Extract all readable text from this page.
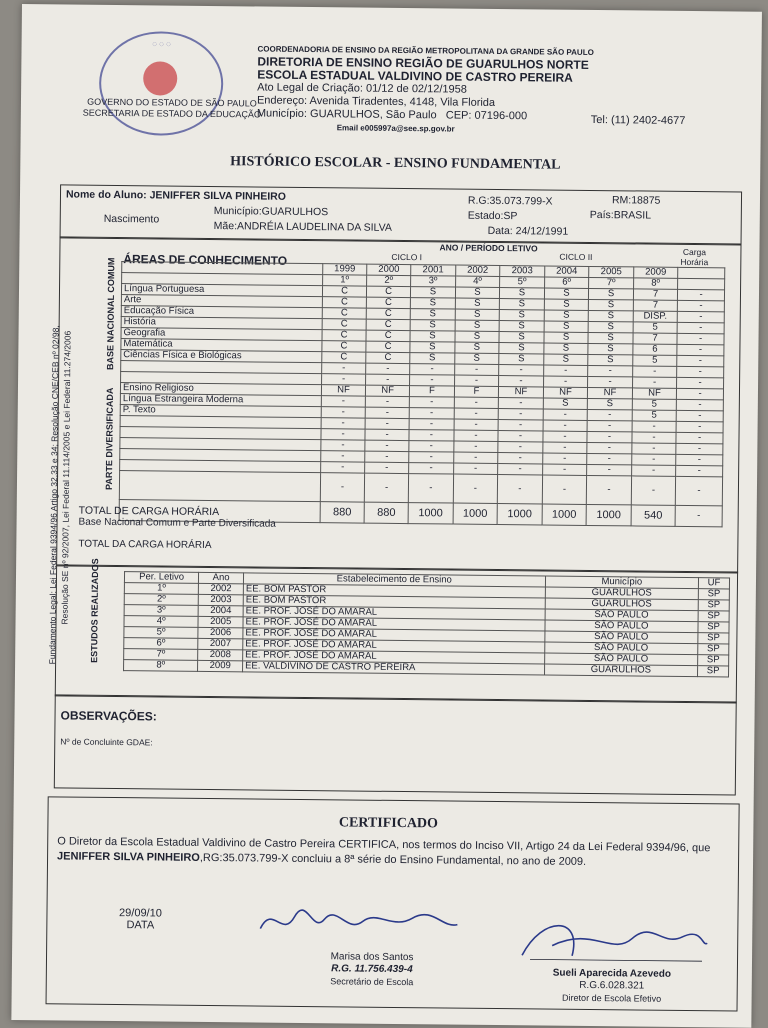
◌ ◌ ◌
GOVERNO DO ESTADO DE SÃO PAULO
SECRETARIA DE ESTADO DA EDUCAÇÃO
COORDENADORIA DE ENSINO DA REGIÃO METROPOLITANA DA GRANDE SÃO PAULO
DIRETORIA DE ENSINO REGIÃO DE GUARULHOS NORTE
ESCOLA ESTADUAL VALDIVINO DE CASTRO PEREIRA
Ato Legal de Criação: 01/12 de 02/12/1958
Endereço: Avenida Tiradentes, 4148, Vila Florida
Município: GUARULHOS, São Paulo CEP: 07196-000
Email e005997a@see.sp.gov.br
Tel: (11) 2402-4677
HISTÓRICO ESCOLAR - ENSINO FUNDAMENTAL
Nome do Aluno: JENIFFER SILVA PINHEIRO	R.G:35.073.799-X	RM:18875
Nascimento
Município:GUARULHOS	Estado:SP	País:BRASIL
Mãe:ANDRÉIA LAUDELINA DA SILVA	Data: 24/12/1991
Fundamento Legal: Lei Federal 9394/96 Artigo 32,33 e 34; Resolução CNE/CEB nº 02/98,
Resolução SE nº 92/2007, Lei Federal 11.114/2005 e Lei Federal 11.274/2006
ÁREAS DE CONHECIMENTO
ANO / PERÍODO LETIVO
CICLO I	CICLO II	Carga Horária
BASE NACIONAL COMUM
PARTE DIVERSIFICADA
	1999	2000	2001	2002	2003	2004	2005	2009	
	1º	2º	3º	4º	5º	6º	7º	8º	
Língua Portuguesa	C	C	S	S	S	S	S	7	-
Arte	C	C	S	S	S	S	S	7	-
Educação Física	C	C	S	S	S	S	S	DISP.	-
História	C	C	S	S	S	S	S	5	-
Geografia	C	C	S	S	S	S	S	7	-
Matemática	C	C	S	S	S	S	S	6	-
Ciências Física e Biológicas	C	C	S	S	S	S	S	5	-
	-	-	-	-	-	-	-	-	-
	-	-	-	-	-	-	-	-	-
Ensino Religioso	NF	NF	F	F	NF	NF	NF	NF	-
Língua Estrangeira Moderna	-	-	-	-	-	S	S	5	-
P. Texto	-	-	-	-	-	-	-	5	-
	-	-	-	-	-	-	-	-	-
	-	-	-	-	-	-	-	-	-
	-	-	-	-	-	-	-	-	-
	-	-	-	-	-	-	-	-	-
	-	-	-	-	-	-	-	-	-
	-	-	-	-	-	-	-	-	-
	880	880	1000	1000	1000	1000	1000	540	-
TOTAL DE CARGA HORÁRIA
Base Nacional Comum e Parte Diversificada
TOTAL DA CARGA HORÁRIA
ESTUDOS REALIZADOS	Per. Letivo	Ano	Estabelecimento de Ensino	Município	UF
1º	2002	EE. BOM PASTOR	GUARULHOS	SP
2º	2003	EE. BOM PASTOR	GUARULHOS	SP
3º	2004	EE. PROF. JOSÉ DO AMARAL	SÃO PAULO	SP
4º	2005	EE. PROF. JOSÉ DO AMARAL	SÃO PAULO	SP
5º	2006	EE. PROF. JOSÉ DO AMARAL	SÃO PAULO	SP
6º	2007	EE. PROF. JOSÉ DO AMARAL	SÃO PAULO	SP
7º	2008	EE. PROF. JOSÉ DO AMARAL	SÃO PAULO	SP
8º	2009	EE. VALDIVINO DE CASTRO PEREIRA	GUARULHOS	SP
OBSERVAÇÕES:
Nº de Concluinte GDAE:
CERTIFICADO
O Diretor da Escola Estadual Valdivino de Castro Pereira CERTIFICA, nos termos do Inciso VII, Artigo 24 da Lei Federal 9394/96, que JENIFFER SILVA PINHEIRO,RG:35.073.799-X concluiu a 8ª série do Ensino Fundamental, no ano de 2009.
29/09/10
DATA
Marisa dos Santos
R.G. 11.756.439-4
Secretário de Escola
Sueli Aparecida Azevedo
R.G.6.028.321
Diretor de Escola Efetivo
